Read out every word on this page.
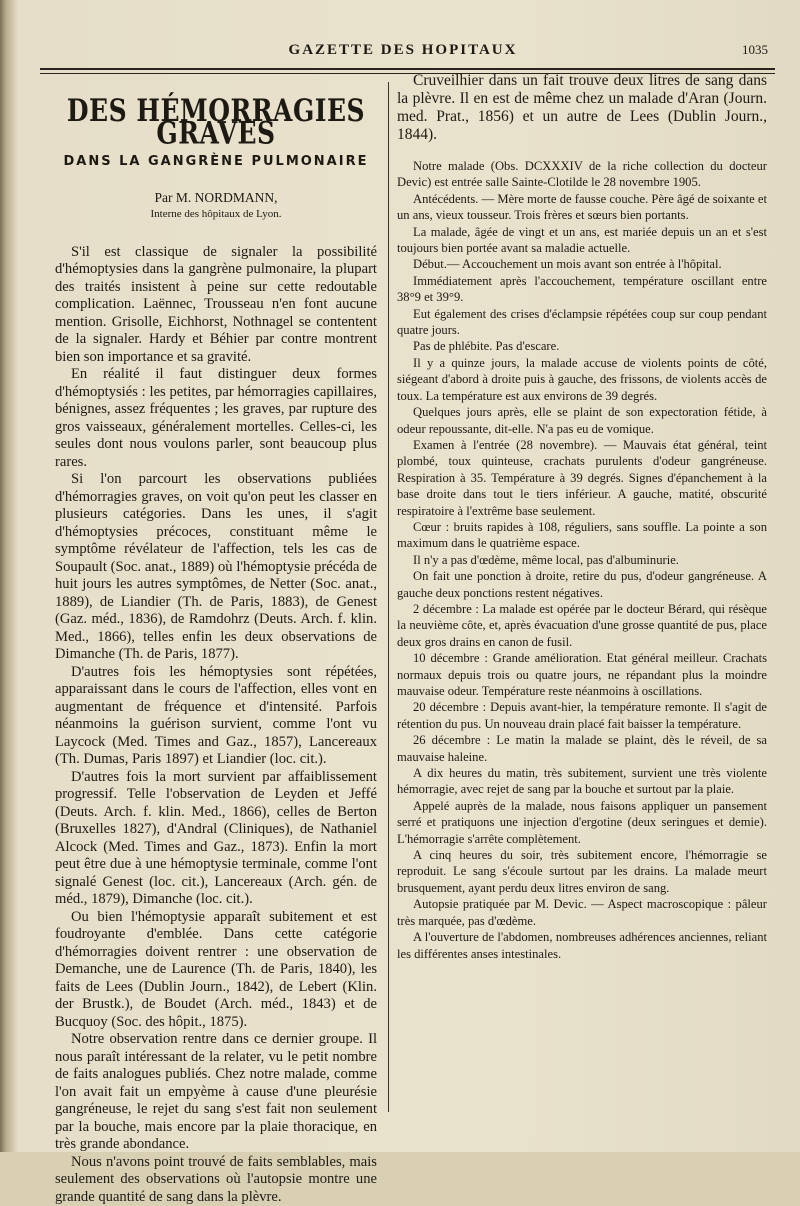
GAZETTE DES HOPITAUX	1035
DES HÉMORRAGIES GRAVES
DANS LA GANGRÈNE PULMONAIRE
Par M. NORDMANN,
Interne des hôpitaux de Lyon.

S'il est classique de signaler la possibilité d'hémoptysies dans la gangrène pulmonaire, la plupart des traités insistent à peine sur cette redoutable complication. Laënnec, Trousseau n'en font aucune mention. Grisolle, Eichhorst, Nothnagel se contentent de la signaler. Hardy et Béhier par contre montrent bien son importance et sa gravité.

En réalité il faut distinguer deux formes d'hémoptysiés : les petites, par hémorragies capillaires, bénignes, assez fréquentes ; les graves, par rupture des gros vaisseaux, généralement mortelles. Celles-ci, les seules dont nous voulons parler, sont beaucoup plus rares.

Si l'on parcourt les observations publiées d'hémorragies graves, on voit qu'on peut les classer en plusieurs catégories. Dans les unes, il s'agit d'hémoptysies précoces, constituant même le symptôme révélateur de l'affection, tels les cas de Soupault (Soc. anat., 1889) où l'hémoptysie précéda de huit jours les autres symptômes, de Netter (Soc. anat., 1889), de Liandier (Th. de Paris, 1883), de Genest (Gaz. méd., 1836), de Ramdohrz (Deuts. Arch. f. klin. Med., 1866), telles enfin les deux observations de Dimanche (Th. de Paris, 1877).

D'autres fois les hémoptysies sont répétées, apparaissant dans le cours de l'affection, elles vont en augmentant de fréquence et d'intensité. Parfois néanmoins la guérison survient, comme l'ont vu Laycock (Med. Times and Gaz., 1857), Lancereaux (Th. Dumas, Paris 1897) et Liandier (loc. cit.).

D'autres fois la mort survient par affaiblissement progressif. Telle l'observation de Leyden et Jeffé (Deuts. Arch. f. klin. Med., 1866), celles de Berton (Bruxelles 1827), d'Andral (Cliniques), de Nathaniel Alcock (Med. Times and Gaz., 1873). Enfin la mort peut être due à une hémoptysie terminale, comme l'ont signalé Genest (loc. cit.), Lancereaux (Arch. gén. de méd., 1879), Dimanche (loc. cit.).

Ou bien l'hémoptysie apparaît subitement et est foudroyante d'emblée. Dans cette catégorie d'hémorragies doivent rentrer : une observation de Demanche, une de Laurence (Th. de Paris, 1840), les faits de Lees (Dublin Journ., 1842), de Lebert (Klin. der Brustk.), de Boudet (Arch. méd., 1843) et de Bucquoy (Soc. des hôpit., 1875).

Notre observation rentre dans ce dernier groupe. Il nous paraît intéressant de la relater, vu le petit nombre de faits analogues publiés. Chez notre malade, comme l'on avait fait un empyème à cause d'une pleurésie gangréneuse, le rejet du sang s'est fait non seulement par la bouche, mais encore par la plaie thoracique, en très grande abondance.

Nous n'avons point trouvé de faits semblables, mais seulement des observations où l'autopsie montre une grande quantité de sang dans la plèvre.

Cruveilhier dans un fait trouve deux litres de sang dans la plèvre. Il en est de même chez un malade d'Aran (Journ. med. Prat., 1856) et un autre de Lees (Dublin Journ., 1844).

Notre malade (Obs. DCXXXIV de la riche collection du docteur Devic) est entrée salle Sainte-Clotilde le 28 novembre 1905.

Antécédents. — Mère morte de fausse couche. Père âgé de soixante et un ans, vieux tousseur. Trois frères et sœurs bien portants.

La malade, âgée de vingt et un ans, est mariée depuis un an et s'est toujours bien portée avant sa maladie actuelle.

Début.— Accouchement un mois avant son entrée à l'hôpital.

Immédiatement après l'accouchement, température oscillant entre 38°9 et 39°9.

Eut également des crises d'éclampsie répétées coup sur coup pendant quatre jours.

Pas de phlébite. Pas d'escare.

Il y a quinze jours, la malade accuse de violents points de côté, siégeant d'abord à droite puis à gauche, des frissons, de violents accès de toux. La température est aux environs de 39 degrés.

Quelques jours après, elle se plaint de son expectoration fétide, à odeur repoussante, dit-elle. N'a pas eu de vomique.

Examen à l'entrée (28 novembre). — Mauvais état général, teint plombé, toux quinteuse, crachats purulents d'odeur gangréneuse. Respiration à 35. Température à 39 degrés. Signes d'épanchement à la base droite dans tout le tiers inférieur. A gauche, matité, obscurité respiratoire à l'extrême base seulement.

Cœur : bruits rapides à 108, réguliers, sans souffle. La pointe a son maximum dans le quatrième espace.

Il n'y a pas d'œdème, même local, pas d'albuminurie.

On fait une ponction à droite, retire du pus, d'odeur gangréneuse. A gauche deux ponctions restent négatives.

2 décembre : La malade est opérée par le docteur Bérard, qui résèque la neuvième côte, et, après évacuation d'une grosse quantité de pus, place deux gros drains en canon de fusil.

10 décembre : Grande amélioration. Etat général meilleur. Crachats normaux depuis trois ou quatre jours, ne répandant plus la moindre mauvaise odeur. Température reste néanmoins à oscillations.

20 décembre : Depuis avant-hier, la température remonte. Il s'agit de rétention du pus. Un nouveau drain placé fait baisser la température.

26 décembre : Le matin la malade se plaint, dès le réveil, de sa mauvaise haleine.

A dix heures du matin, très subitement, survient une très violente hémorragie, avec rejet de sang par la bouche et surtout par la plaie.

Appelé auprès de la malade, nous faisons appliquer un pansement serré et pratiquons une injection d'ergotine (deux seringues et demie). L'hémorragie s'arrête complètement.

A cinq heures du soir, très subitement encore, l'hémorragie se reproduit. Le sang s'écoule surtout par les drains. La malade meurt brusquement, ayant perdu deux litres environ de sang.

Autopsie pratiquée par M. Devic. — Aspect macroscopique : pâleur très marquée, pas d'œdème.

A l'ouverture de l'abdomen, nombreuses adhérences anciennes, reliant les différentes anses intestinales.
